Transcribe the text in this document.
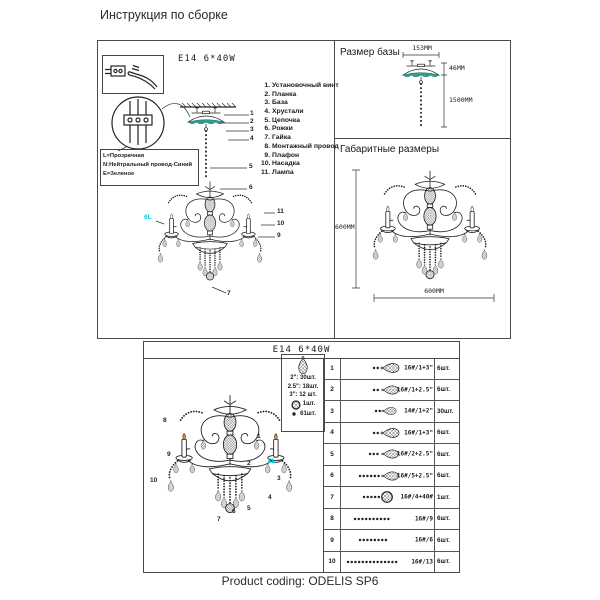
Инструкция по сборке
E14 6*40W
L=Прозрачная
N:Нейтральный провод-Синий
E=Зеленое
1. Установочный винт
2. Планка
3. База
4. Хрустали
5. Цепочка
6. Рожки
7. Гайка
8. Монтажный провод
9. Плафон
10. Насадка
11. Лампа
1
2
3
4
5
6
6L
11
10
9
7
Размер базы	153ММ
46ММ
1500ММ
Габаритные размеры
600ММ
600ММ
E14 6*40W
8
1
9
2	6L
10	3
4
5
6
7
2": 30шт.
2.5": 18шт.
3": 12 шт.
1шт.
61шт.
1	16#/1+3" 6шт.
2	16#/1+2.5" 6шт.
3	14#/1+2" 30шт.
4	16#/1+3" 6шт.
5	16#/2+2.5" 6шт.
6	16#/5+2.5" 6шт.
7	16#/4+40# 1шт.
8	16#/9 6шт.
9	16#/6 6шт.
10	16#/13 6шт.
Product coding: ODELIS SP6
